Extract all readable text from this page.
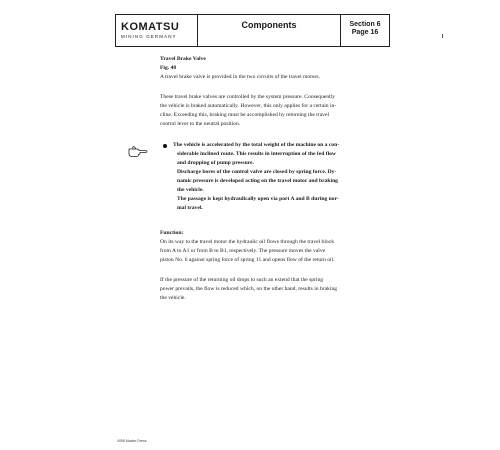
KOMATSU
MINING GERMANY
Components	Section 6
Page 16
Travel Brake Valve
Fig. 48
A travel brake valve is provided in the two circuits of the travel motors.
These travel brake valves are controlled by the system pressure. Consequently
the vehicle is braked automatically. However, this only applies for a certain in-
cline. Exceeding this, braking must be accomplished by returning the travel
control lever to the neutral position.
The vehicle is accelerated by the total weight of the machine on a con-
siderable inclined route. This results in interruption of the fed flow
and dropping of pump pressure.
Discharge bores of the control valve are closed by spring force. Dy-
namic pressure is developed acting on the travel motor and braking
the vehicle.
The passage is kept hydraulically open via port A and B during nor-
mal travel.
Function:
On its way to the travel motor the hydraulic oil flows through the travel block
from A to A1 or from B to B1, respectively. The pressure moves the valve
piston No. 6 against spring force of spring 11 and opens flow of the return oil.
If the pressure of the returning oil drops to such an extend that the spring
power prevails, the flow is reduced which, on the other hand, results in braking
the vehicle.
4058 Master Dress
